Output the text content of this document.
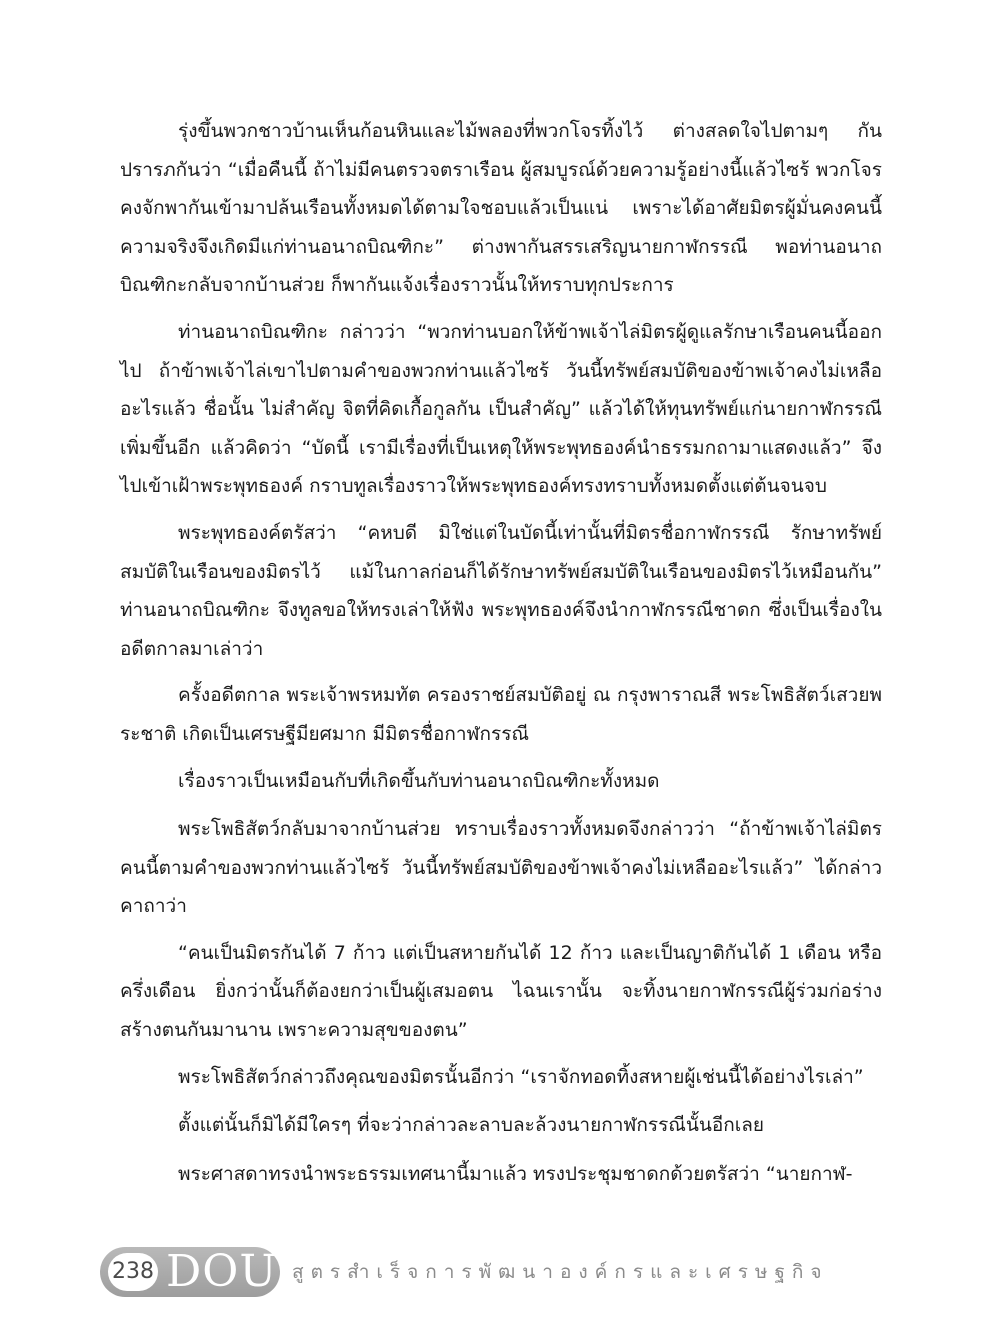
รุ่งขึ้นพวกชาวบ้านเห็นก้อนหินและไม้พลองที่พวกโจรทิ้งไว้ ต่างสลดใจไปตามๆ กัน ปรารภกันว่า “เมื่อคืนนี้ ถ้าไม่มีคนตรวจตราเรือน ผู้สมบูรณ์ด้วยความรู้อย่างนี้แล้วไซร้ พวกโจรคงจักพากันเข้ามาปล้นเรือนทั้งหมดได้ตามใจชอบแล้วเป็นแน่ เพราะได้อาศัยมิตรผู้มั่นคงคนนี้ ความจริงจึงเกิดมีแก่ท่านอนาถบิณฑิกะ” ต่างพากันสรรเสริญนายกาฬกรรณี พอท่านอนาถบิณฑิกะกลับจากบ้านส่วย ก็พากันแจ้งเรื่องราวนั้นให้ทราบทุกประการ

ท่านอนาถบิณฑิกะ กล่าวว่า “พวกท่านบอกให้ข้าพเจ้าไล่มิตรผู้ดูแลรักษาเรือนคนนี้ออกไป ถ้าข้าพเจ้าไล่เขาไปตามคำของพวกท่านแล้วไซร้ วันนี้ทรัพย์สมบัติของข้าพเจ้าคงไม่เหลืออะไรแล้ว ชื่อนั้น ไม่สำคัญ จิตที่คิดเกื้อกูลกัน เป็นสำคัญ” แล้วได้ให้ทุนทรัพย์แก่นายกาฬกรรณีเพิ่มขึ้นอีก แล้วคิดว่า “บัดนี้ เรามีเรื่องที่เป็นเหตุให้พระพุทธองค์นำธรรมกถามาแสดงแล้ว” จึงไปเข้าเฝ้าพระพุทธองค์ กราบทูลเรื่องราวให้พระพุทธองค์ทรงทราบทั้งหมดตั้งแต่ต้นจนจบ

พระพุทธองค์ตรัสว่า “คหบดี มิใช่แต่ในบัดนี้เท่านั้นที่มิตรชื่อกาฬกรรณี รักษาทรัพย์สมบัติในเรือนของมิตรไว้ แม้ในกาลก่อนก็ได้รักษาทรัพย์สมบัติในเรือนของมิตรไว้เหมือนกัน” ท่านอนาถบิณฑิกะ จึงทูลขอให้ทรงเล่าให้ฟัง พระพุทธองค์จึงนำกาฬกรรณีชาดก ซึ่งเป็นเรื่องในอดีตกาลมาเล่าว่า

ครั้งอดีตกาล พระเจ้าพรหมทัต ครองราชย์สมบัติอยู่ ณ กรุงพาราณสี พระโพธิสัตว์เสวยพระชาติ เกิดเป็นเศรษฐีมียศมาก มีมิตรชื่อกาฬกรรณี

เรื่องราวเป็นเหมือนกับที่เกิดขึ้นกับท่านอนาถบิณฑิกะทั้งหมด

พระโพธิสัตว์กลับมาจากบ้านส่วย ทราบเรื่องราวทั้งหมดจึงกล่าวว่า “ถ้าข้าพเจ้าไล่มิตรคนนี้ตามคำของพวกท่านแล้วไซร้ วันนี้ทรัพย์สมบัติของข้าพเจ้าคงไม่เหลืออะไรแล้ว” ได้กล่าวคาถาว่า

“คนเป็นมิตรกันได้ 7 ก้าว แต่เป็นสหายกันได้ 12 ก้าว และเป็นญาติกันได้ 1 เดือน หรือครึ่งเดือน ยิ่งกว่านั้นก็ต้องยกว่าเป็นผู้เสมอตน ไฉนเรานั้น จะทิ้งนายกาฬกรรณีผู้ร่วมก่อร่างสร้างตนกันมานาน เพราะความสุขของตน”

พระโพธิสัตว์กล่าวถึงคุณของมิตรนั้นอีกว่า “เราจักทอดทิ้งสหายผู้เช่นนี้ได้อย่างไรเล่า”

ตั้งแต่นั้นก็มิได้มีใครๆ ที่จะว่ากล่าวละลาบละล้วงนายกาฬกรรณีนั้นอีกเลย

พระศาสดาทรงนำพระธรรมเทศนานี้มาแล้ว ทรงประชุมชาดกด้วยตรัสว่า “นายกาฬ-

238 DOU สูตรสำเร็จการพัฒนาองค์กรและเศรษฐกิจ
